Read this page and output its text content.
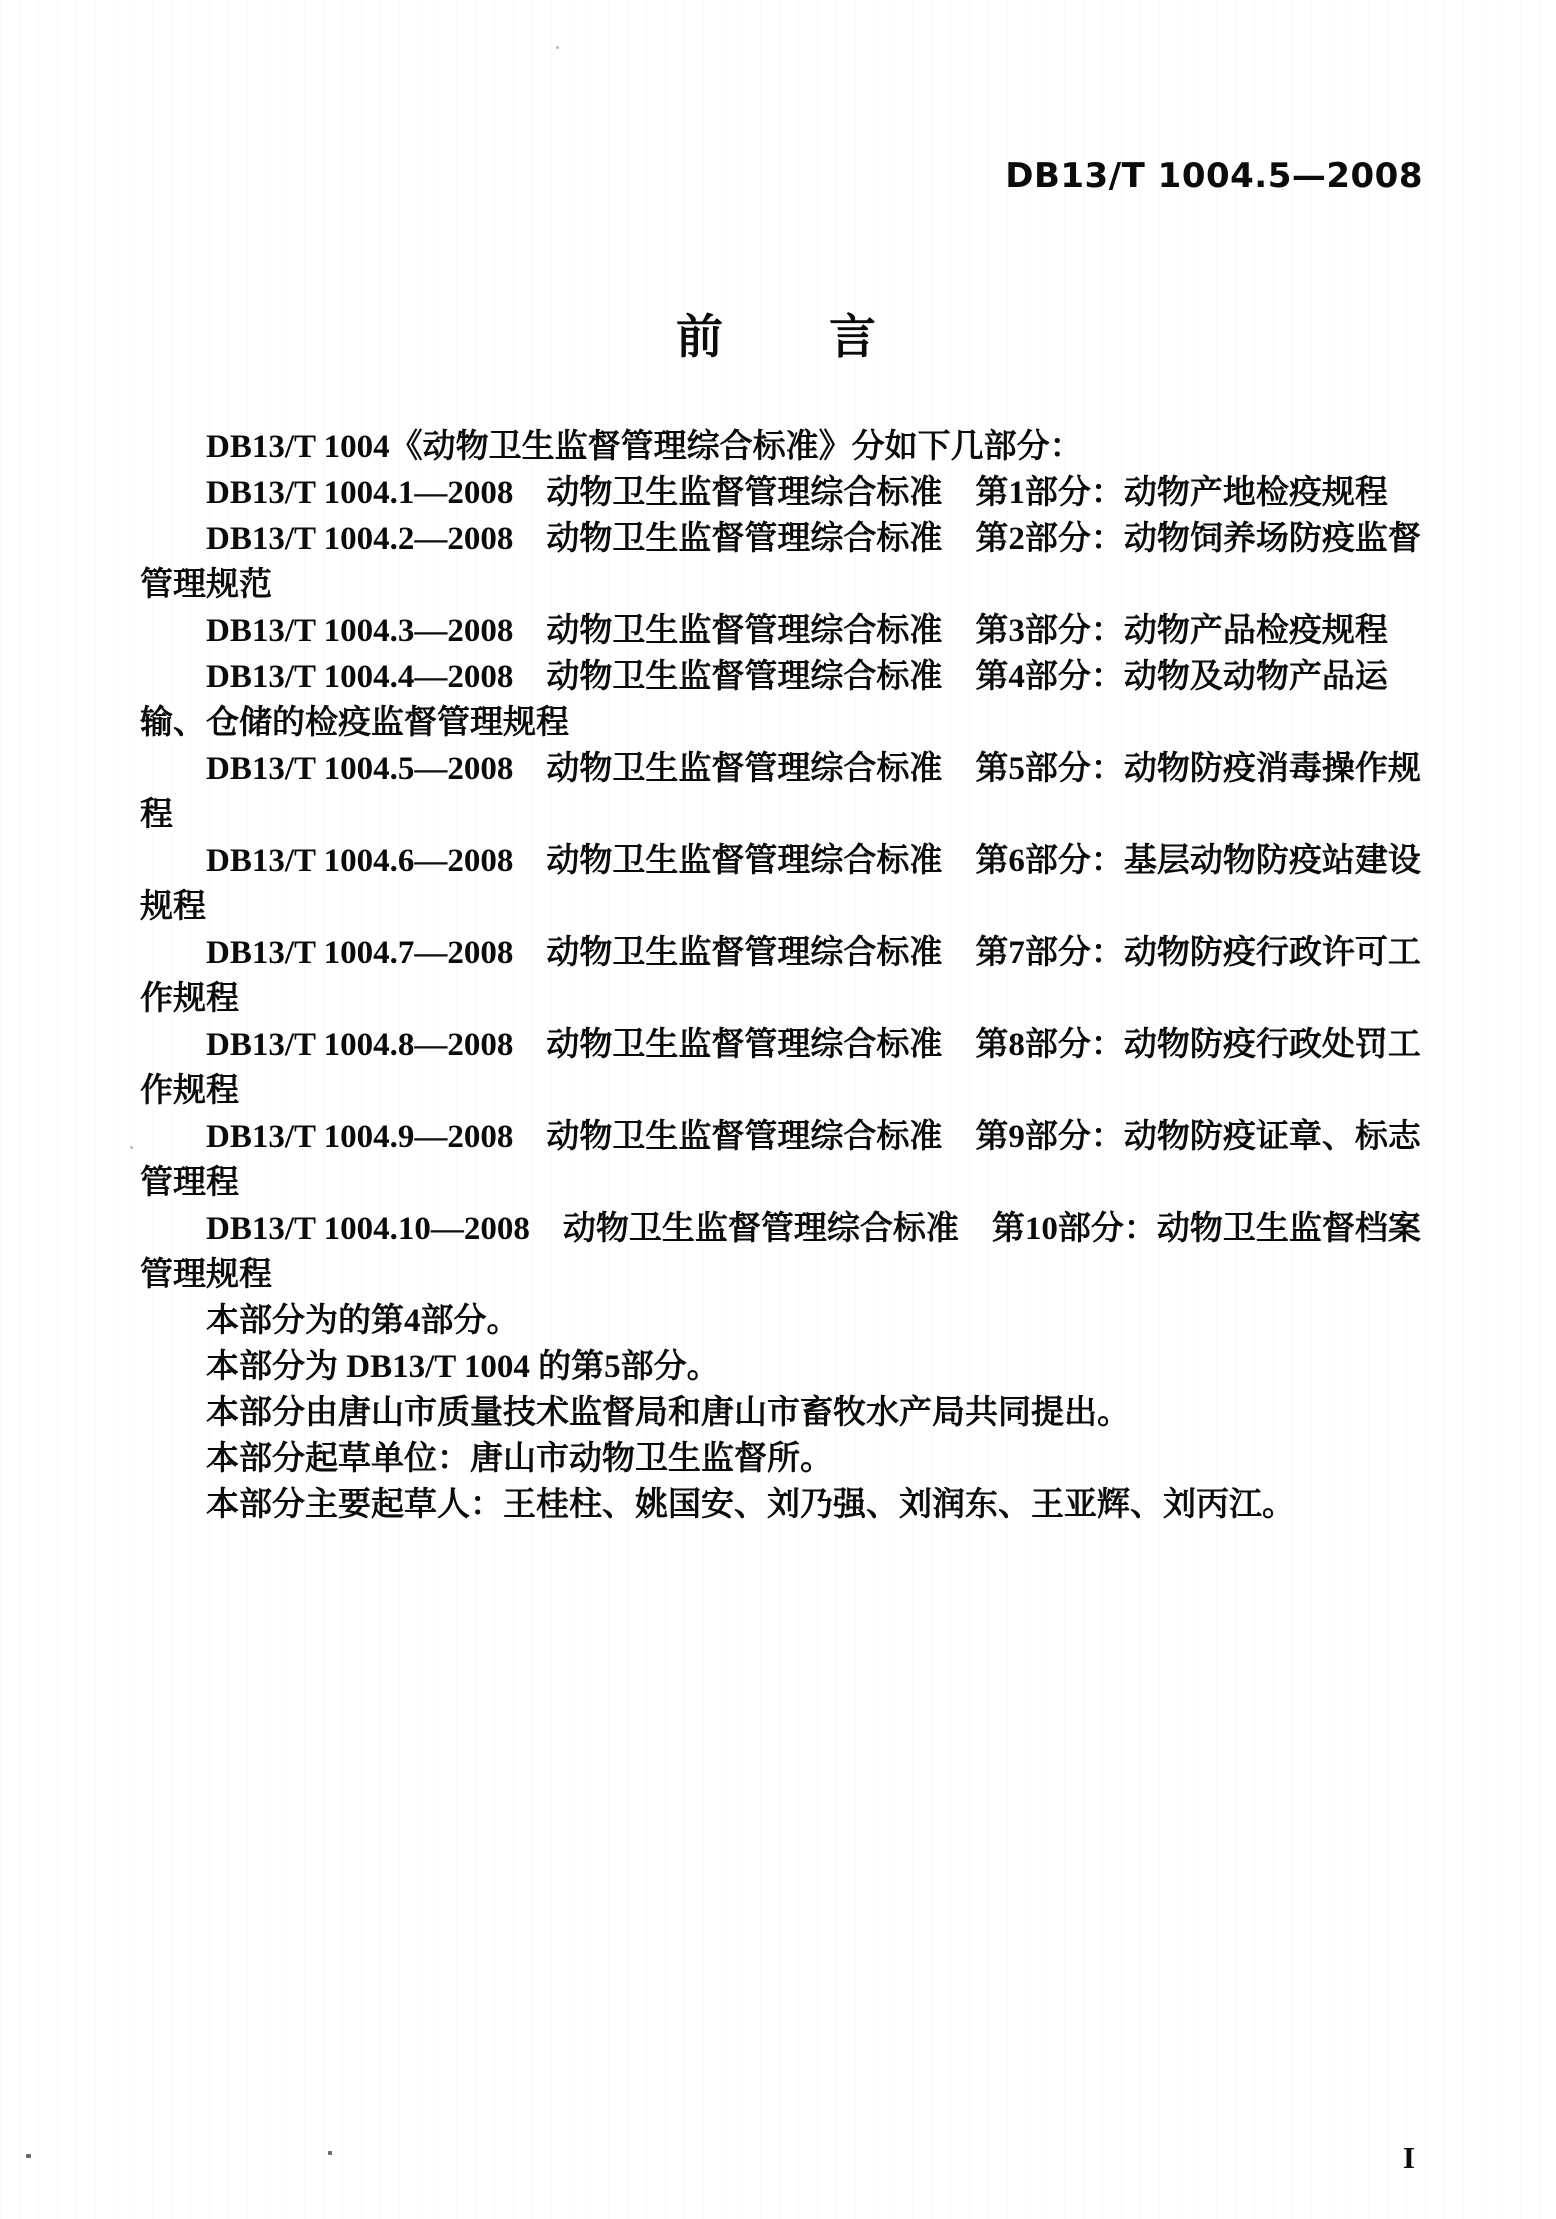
DB13/T 1004.5—2008
前　　言

DB13/T 1004《动物卫生监督管理综合标准》分如下几部分：

DB13/T 1004.1—2008　动物卫生监督管理综合标准　第1部分：动物产地检疫规程

DB13/T 1004.2—2008　动物卫生监督管理综合标准　第2部分：动物饲养场防疫监督管理规范

DB13/T 1004.3—2008　动物卫生监督管理综合标准　第3部分：动物产品检疫规程

DB13/T 1004.4—2008　动物卫生监督管理综合标准　第4部分：动物及动物产品运输、仓储的检疫监督管理规程

DB13/T 1004.5—2008　动物卫生监督管理综合标准　第5部分：动物防疫消毒操作规程

DB13/T 1004.6—2008　动物卫生监督管理综合标准　第6部分：基层动物防疫站建设规程

DB13/T 1004.7—2008　动物卫生监督管理综合标准　第7部分：动物防疫行政许可工作规程

DB13/T 1004.8—2008　动物卫生监督管理综合标准　第8部分：动物防疫行政处罚工作规程

DB13/T 1004.9—2008　动物卫生监督管理综合标准　第9部分：动物防疫证章、标志管理程

DB13/T 1004.10—2008　动物卫生监督管理综合标准　第10部分：动物卫生监督档案管理规程

本部分为的第4部分。

本部分为 DB13/T 1004 的第5部分。

本部分由唐山市质量技术监督局和唐山市畜牧水产局共同提出。

本部分起草单位：唐山市动物卫生监督所。

本部分主要起草人：王桂柱、姚国安、刘乃强、刘润东、王亚辉、刘丙江。

I
